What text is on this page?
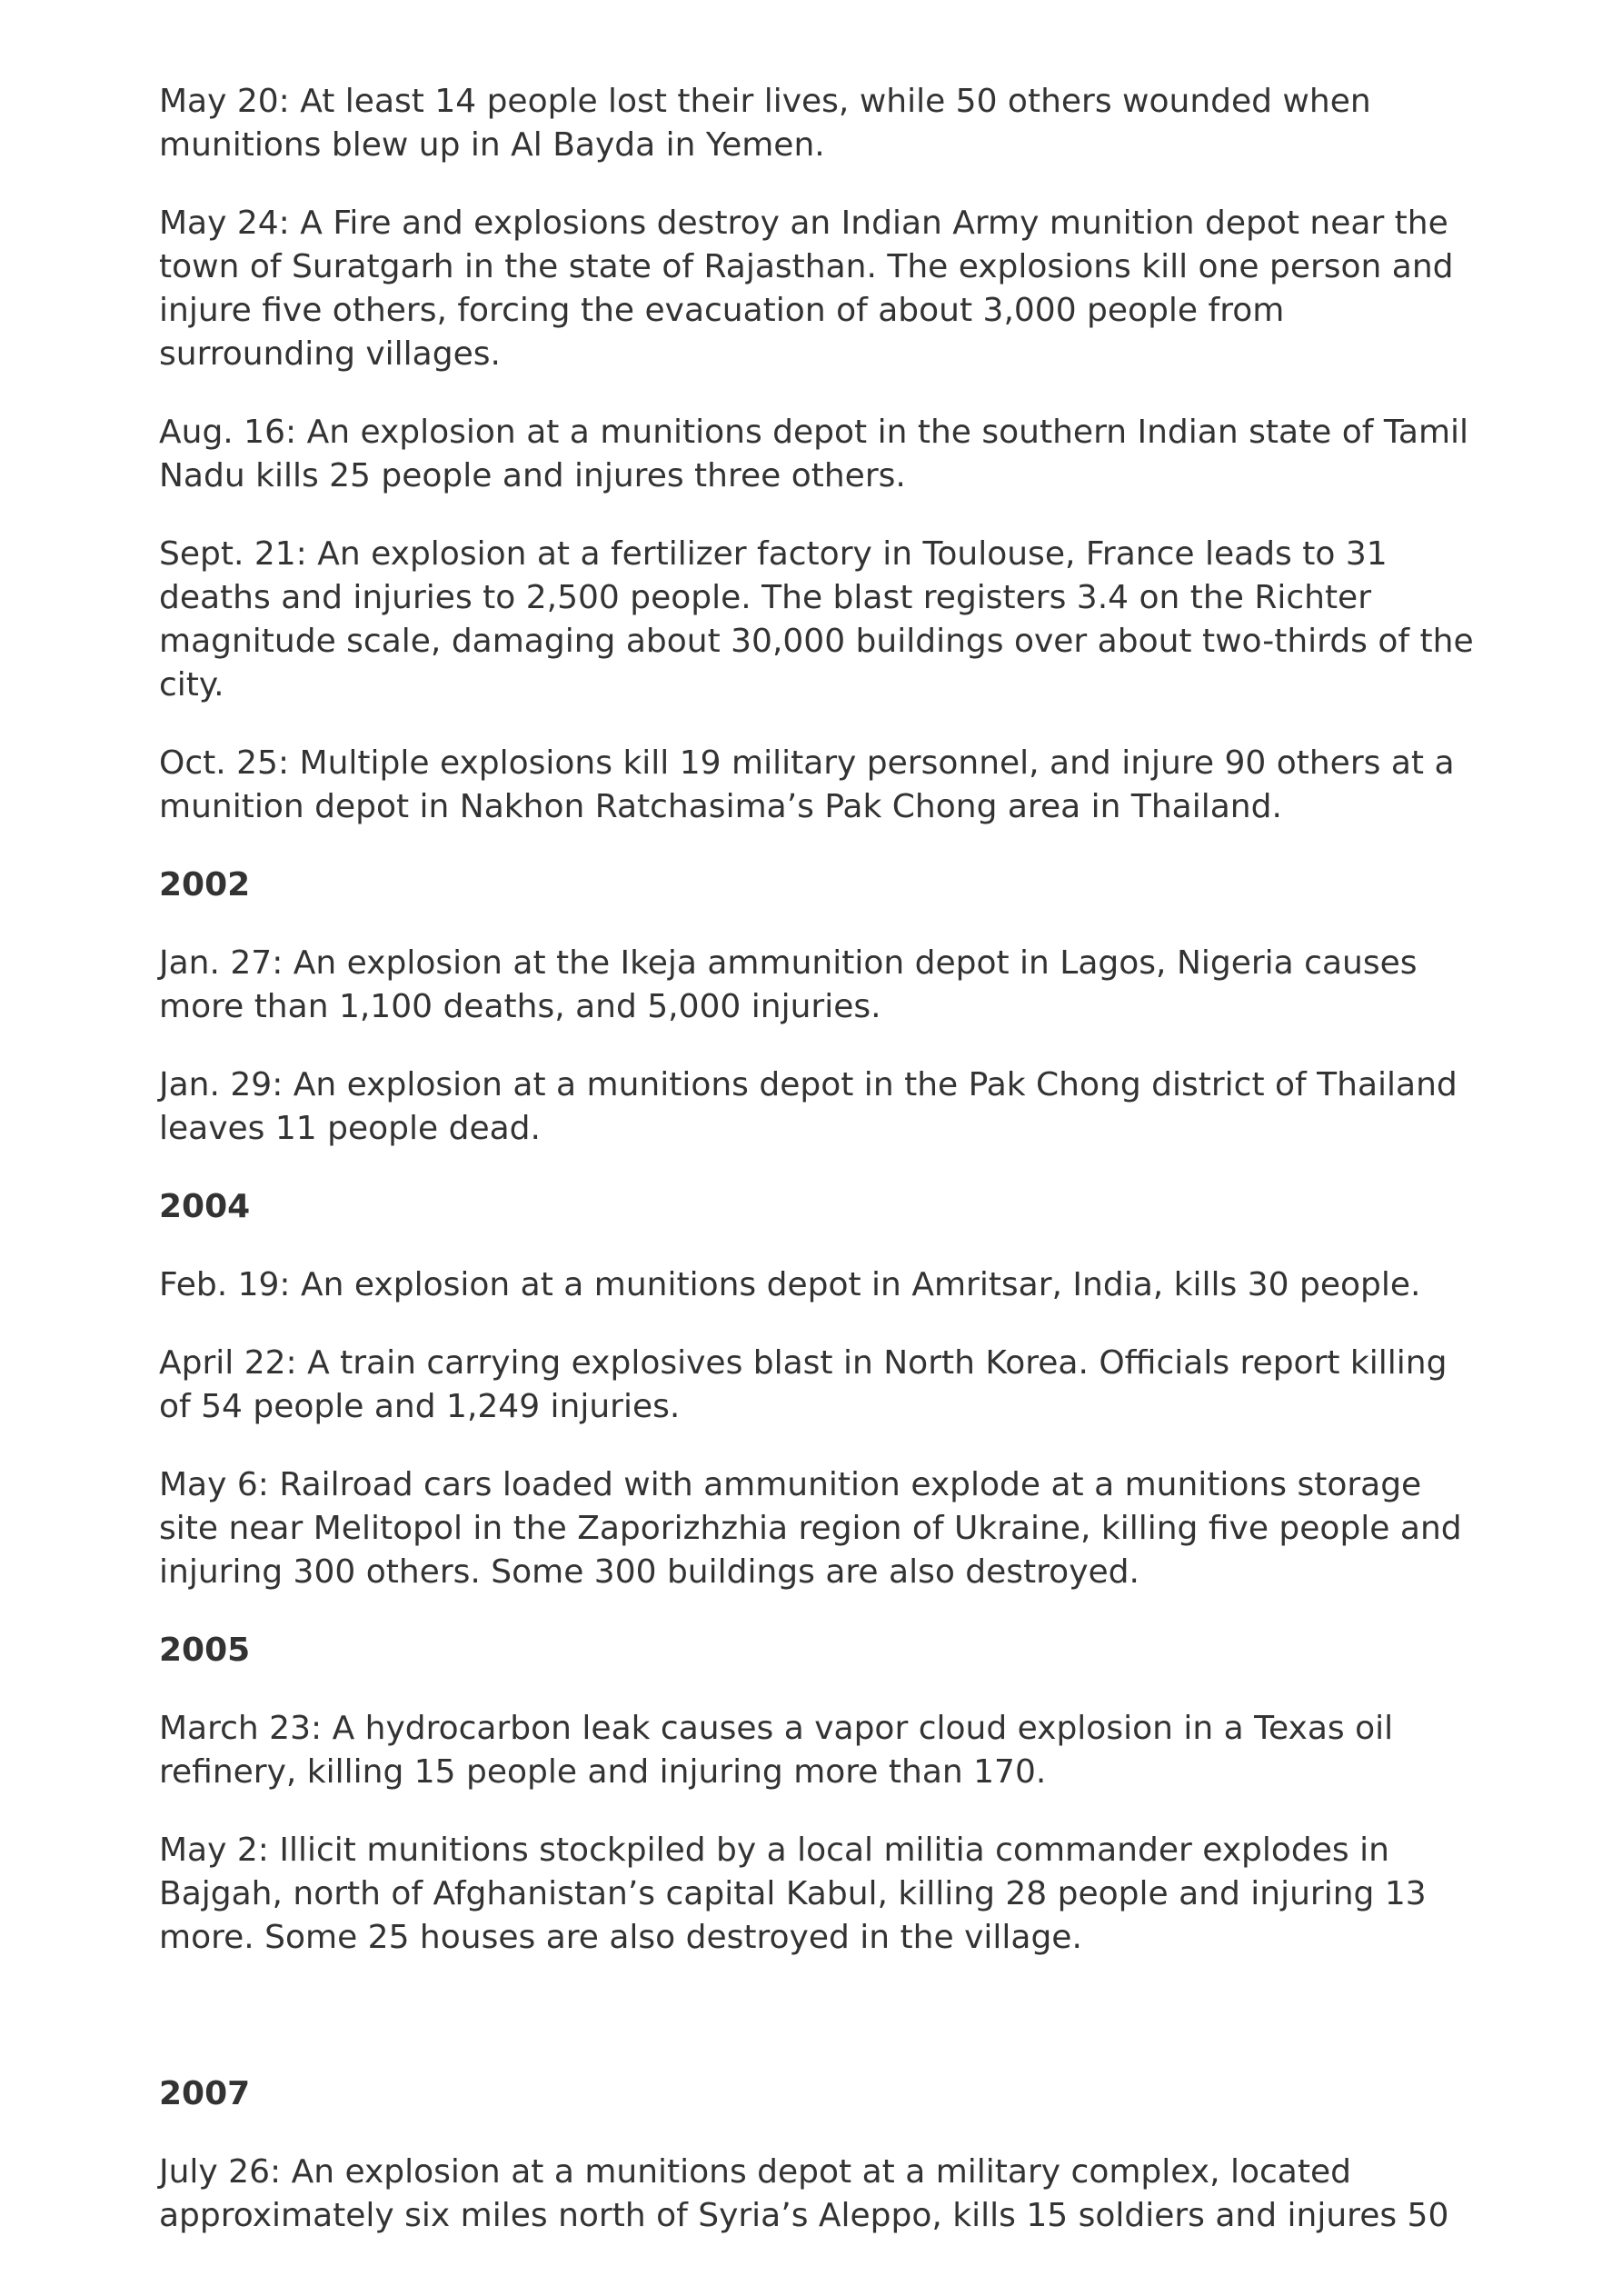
May 20: At least 14 people lost their lives, while 50 others wounded when munitions blew up in Al Bayda in Yemen.

May 24: A Fire and explosions destroy an Indian Army munition depot near the town of Suratgarh in the state of Rajasthan. The explosions kill one person and injure five others, forcing the evacuation of about 3,000 people from surrounding villages.

Aug. 16: An explosion at a munitions depot in the southern Indian state of Tamil Nadu kills 25 people and injures three others.

Sept. 21: An explosion at a fertilizer factory in Toulouse, France leads to 31 deaths and injuries to 2,500 people. The blast registers 3.4 on the Richter magnitude scale, damaging about 30,000 buildings over about two-thirds of the city.

Oct. 25: Multiple explosions kill 19 military personnel, and injure 90 others at a munition depot in Nakhon Ratchasima’s Pak Chong area in Thailand.

2002

Jan. 27: An explosion at the Ikeja ammunition depot in Lagos, Nigeria causes more than 1,100 deaths, and 5,000 injuries.

Jan. 29: An explosion at a munitions depot in the Pak Chong district of Thailand leaves 11 people dead.

2004

Feb. 19: An explosion at a munitions depot in Amritsar, India, kills 30 people.

April 22: A train carrying explosives blast in North Korea. Officials report killing of 54 people and 1,249 injuries.

May 6: Railroad cars loaded with ammunition explode at a munitions storage site near Melitopol in the Zaporizhzhia region of Ukraine, killing five people and injuring 300 others. Some 300 buildings are also destroyed.

2005

March 23: A hydrocarbon leak causes a vapor cloud explosion in a Texas oil refinery, killing 15 people and injuring more than 170.

May 2: Illicit munitions stockpiled by a local militia commander explodes in Bajgah, north of Afghanistan’s capital Kabul, killing 28 people and injuring 13 more. Some 25 houses are also destroyed in the village.

2007

July 26: An explosion at a munitions depot at a military complex, located approximately six miles north of Syria’s Aleppo, kills 15 soldiers and injures 50
